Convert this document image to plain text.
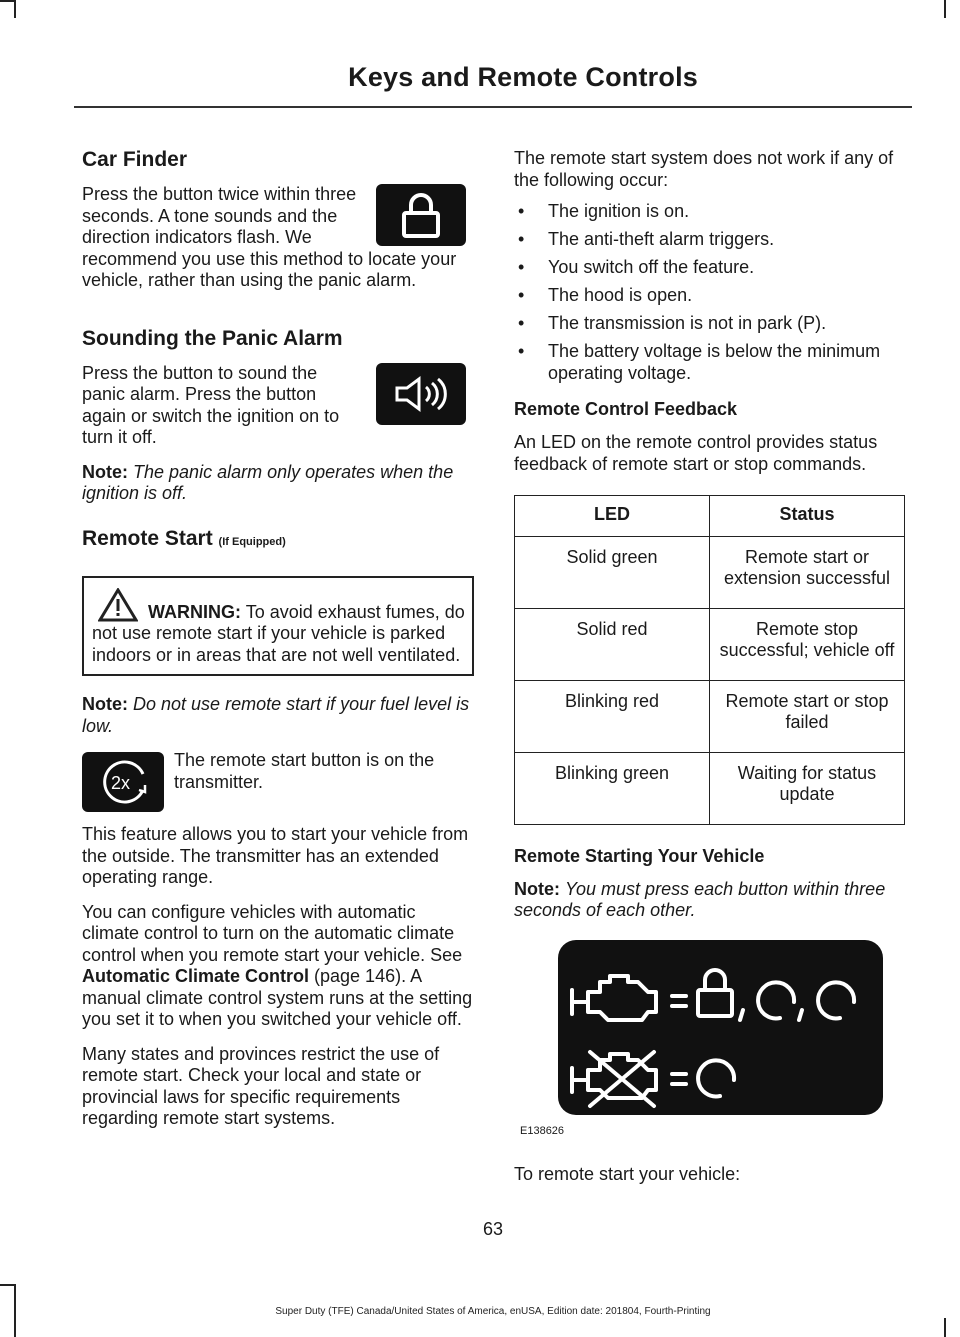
Keys and Remote Controls
Car Finder

Press the button twice within three seconds. A tone sounds and the direction indicators flash. We recommend you use this method to locate your vehicle, rather than using the panic alarm.

Sounding the Panic Alarm

Press the button to sound the panic alarm. Press the button again or switch the ignition on to turn it off.

Note: The panic alarm only operates when the ignition is off.

Remote Start (If Equipped)
WARNING: To avoid exhaust fumes, do not use remote start if your vehicle is parked indoors or in areas that are not well ventilated.

Note: Do not use remote start if your fuel level is low.

2x
The remote start button is on the transmitter.

This feature allows you to start your vehicle from the outside. The transmitter has an extended operating range.

You can configure vehicles with automatic climate control to turn on the automatic climate control when you remote start your vehicle. See Automatic Climate Control (page 146). A manual climate control system runs at the setting you set it to when you switched your vehicle off.

Many states and provinces restrict the use of remote start. Check your local and state or provincial laws for specific requirements regarding remote start systems.

The remote start system does not work if any of the following occur:

• The ignition is on.
• The anti-theft alarm triggers.
• You switch off the feature.
• The hood is open.
• The transmission is not in park (P).
• The battery voltage is below the minimum operating voltage.
Remote Control Feedback

An LED on the remote control provides status feedback of remote start or stop commands.

LED	Status
Solid green	Remote start or extension successful
Solid red	Remote stop successful; vehicle off
Blinking red	Remote start or stop failed
Blinking green	Waiting for status update
Remote Starting Your Vehicle

Note: You must press each button within three seconds of each other.

E138626

To remote start your vehicle:

63
Super Duty (TFE) Canada/United States of America, enUSA, Edition date: 201804, Fourth-Printing
